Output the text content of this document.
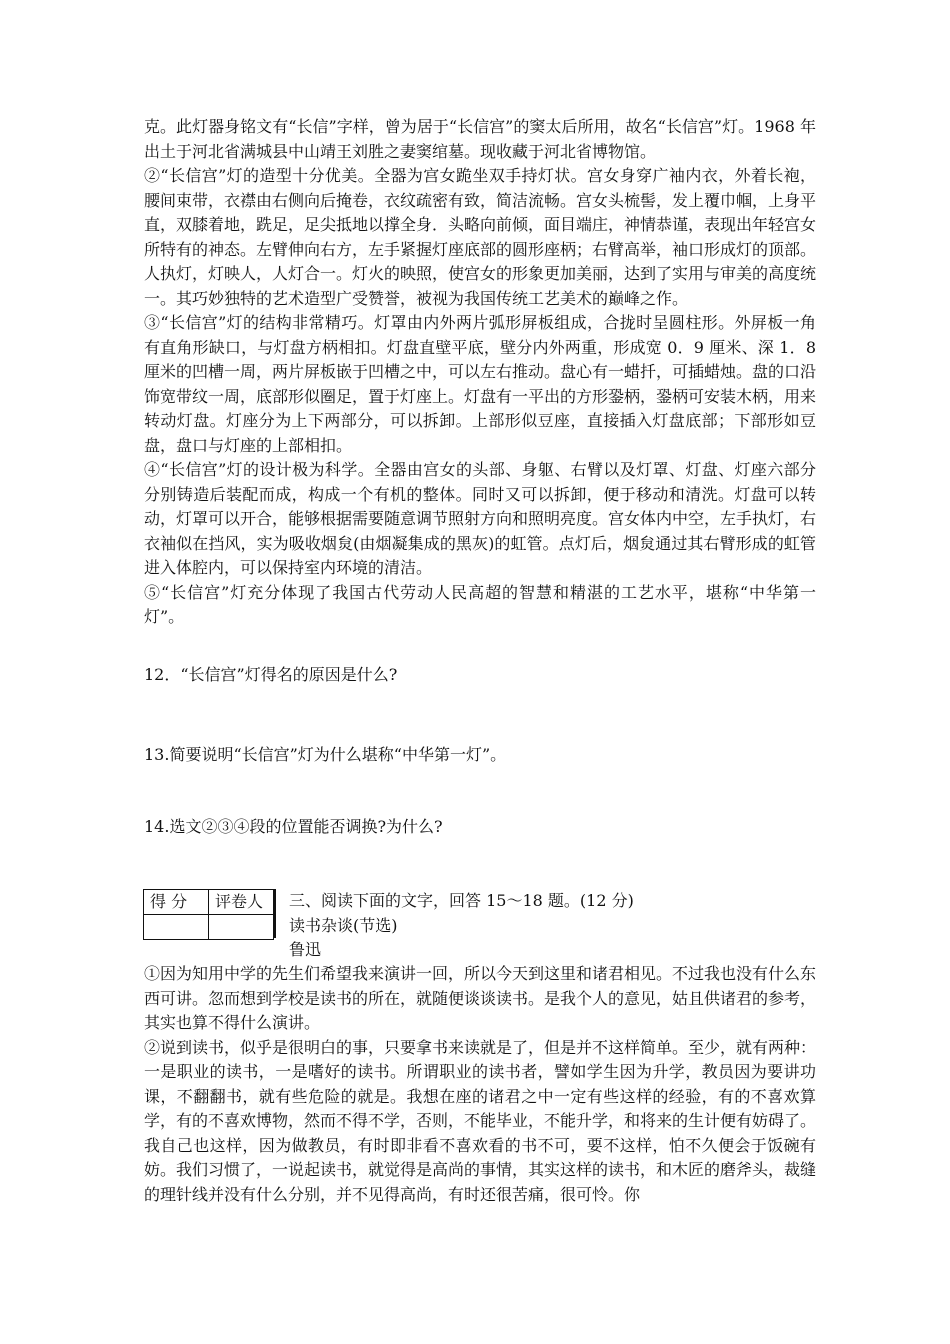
克。此灯器身铭文有“长信”字样，曾为居于“长信宫”的窦太后所用，故名“长信宫”灯。1968 年出土于河北省满城县中山靖王刘胜之妻窦绾墓。现收藏于河北省博物馆。

②“长信宫”灯的造型十分优美。全器为宫女跪坐双手持灯状。宫女身穿广袖内衣，外着长袍，腰间束带，衣襟由右侧向后掩卷，衣纹疏密有致，简洁流畅。宫女头梳髻，发上覆巾帼，上身平直，双膝着地，跣足，足尖抵地以撑全身．头略向前倾，面目端庄，神情恭谨，表现出年轻宫女所特有的神态。左臂伸向右方，左手紧握灯座底部的圆形座柄；右臂高举，袖口形成灯的顶部。人执灯，灯映人，人灯合一。灯火的映照，使宫女的形象更加美丽，达到了实用与审美的高度统一。其巧妙独特的艺术造型广受赞誉，被视为我国传统工艺美术的巅峰之作。

③“长信宫”灯的结构非常精巧。灯罩由内外两片弧形屏板组成，合拢时呈圆柱形。外屏板一角有直角形缺口，与灯盘方柄相扣。灯盘直壁平底，壁分内外两重，形成宽 0．9 厘米、深 1．8 厘米的凹槽一周，两片屏板嵌于凹槽之中，可以左右推动。盘心有一蜡扦，可插蜡烛。盘的口沿饰宽带纹一周，底部形似圈足，置于灯座上。灯盘有一平出的方形銎柄，銎柄可安装木柄，用来转动灯盘。灯座分为上下两部分，可以拆卸。上部形似豆座，直接插入灯盘底部；下部形如豆盘，盘口与灯座的上部相扣。

④“长信宫”灯的设计极为科学。全器由宫女的头部、身躯、右臂以及灯罩、灯盘、灯座六部分分别铸造后装配而成，构成一个有机的整体。同时又可以拆卸，便于移动和清洗。灯盘可以转动，灯罩可以开合，能够根据需要随意调节照射方向和照明亮度。宫女体内中空，左手执灯，右衣袖似在挡风，实为吸收烟炱(由烟凝集成的黑灰)的虹管。点灯后，烟炱通过其右臂形成的虹管进入体腔内，可以保持室内环境的清洁。

⑤“长信宫”灯充分体现了我国古代劳动人民高超的智慧和精湛的工艺水平，堪称“中华第一灯”。

12．“长信宫”灯得名的原因是什么?

13.简要说明“长信宫”灯为什么堪称“中华第一灯”。

14.选文②③④段的位置能否调换?为什么?

得 分	评卷人
	三、阅读下面的文字，回答 15～18 题。(12 分)
读书杂谈(节选)
鲁迅

①因为知用中学的先生们希望我来演讲一回，所以今天到这里和诸君相见。不过我也没有什么东西可讲。忽而想到学校是读书的所在，就随便谈谈读书。是我个人的意见，姑且供诸君的参考，其实也算不得什么演讲。

②说到读书，似乎是很明白的事，只要拿书来读就是了，但是并不这样简单。至少，就有两种：一是职业的读书，一是嗜好的读书。所谓职业的读书者，譬如学生因为升学，教员因为要讲功课，不翻翻书，就有些危险的就是。我想在座的诸君之中一定有些这样的经验，有的不喜欢算学，有的不喜欢博物，然而不得不学，否则，不能毕业，不能升学，和将来的生计便有妨碍了。我自己也这样，因为做教员，有时即非看不喜欢看的书不可，要不这样，怕不久便会于饭碗有妨。我们习惯了，一说起读书，就觉得是高尚的事情，其实这样的读书，和木匠的磨斧头，裁缝的理针线并没有什么分别，并不见得高尚，有时还很苦痛，很可怜。你
